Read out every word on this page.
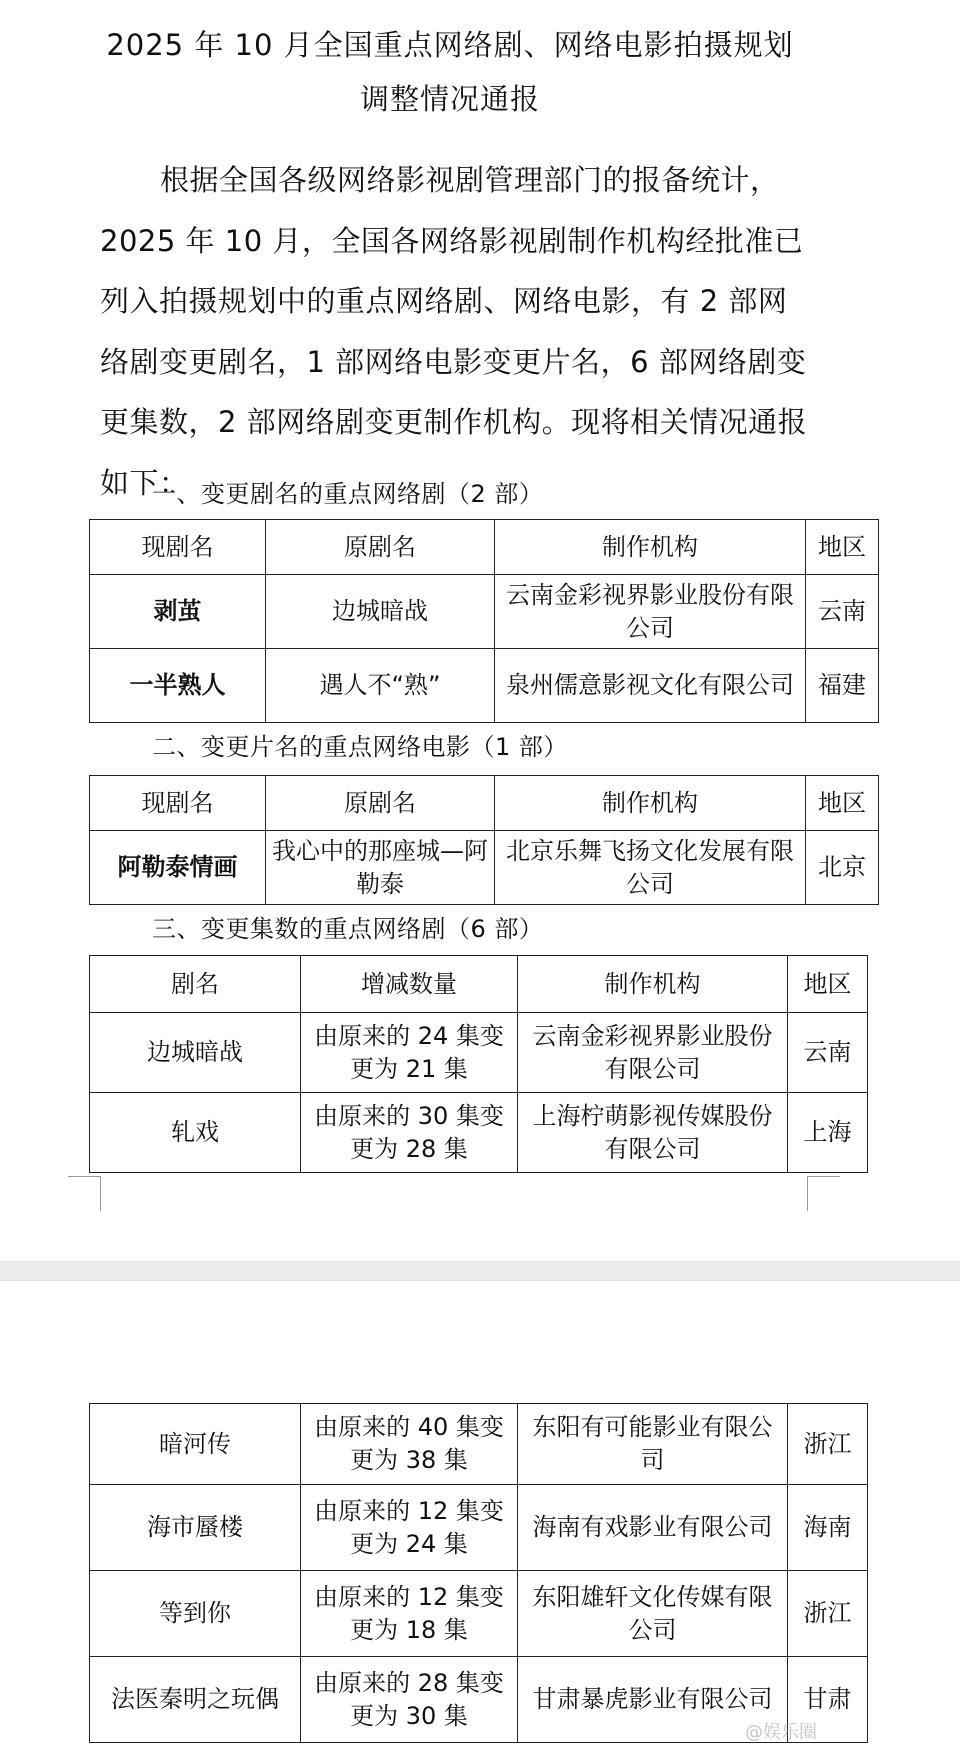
2025 年 10 月全国重点网络剧、网络电影拍摄规划
调整情况通报

根据全国各级网络影视剧管理部门的报备统计，

2025 年 10 月，全国各网络影视剧制作机构经批准已

列入拍摄规划中的重点网络剧、网络电影，有 2 部网

络剧变更剧名，1 部网络电影变更片名，6 部网络剧变

更集数，2 部网络剧变更制作机构。现将相关情况通报

如下：

一、变更剧名的重点网络剧（2 部）
现剧名	原剧名	制作机构	地区
剥茧	边城暗战	云南金彩视界影业股份有限公司	云南
一半熟人	遇人不“熟”	泉州儒意影视文化有限公司	福建
二、变更片名的重点网络电影（1 部）
现剧名	原剧名	制作机构	地区
阿勒泰情画	我心中的那座城—阿勒泰	北京乐舞飞扬文化发展有限公司	北京
三、变更集数的重点网络剧（6 部）
剧名	增减数量	制作机构	地区
边城暗战	由原来的 24 集变更为 21 集	云南金彩视界影业股份有限公司	云南
轧戏	由原来的 30 集变更为 28 集	上海柠萌影视传媒股份有限公司	上海
暗河传	由原来的 40 集变更为 38 集	东阳有可能影业有限公司	浙江
海市蜃楼	由原来的 12 集变更为 24 集	海南有戏影业有限公司	海南
等到你	由原来的 12 集变更为 18 集	东阳雄轩文化传媒有限公司	浙江
法医秦明之玩偶	由原来的 28 集变更为 30 集	甘肃暴虎影业有限公司	甘肃
@娱乐圈
